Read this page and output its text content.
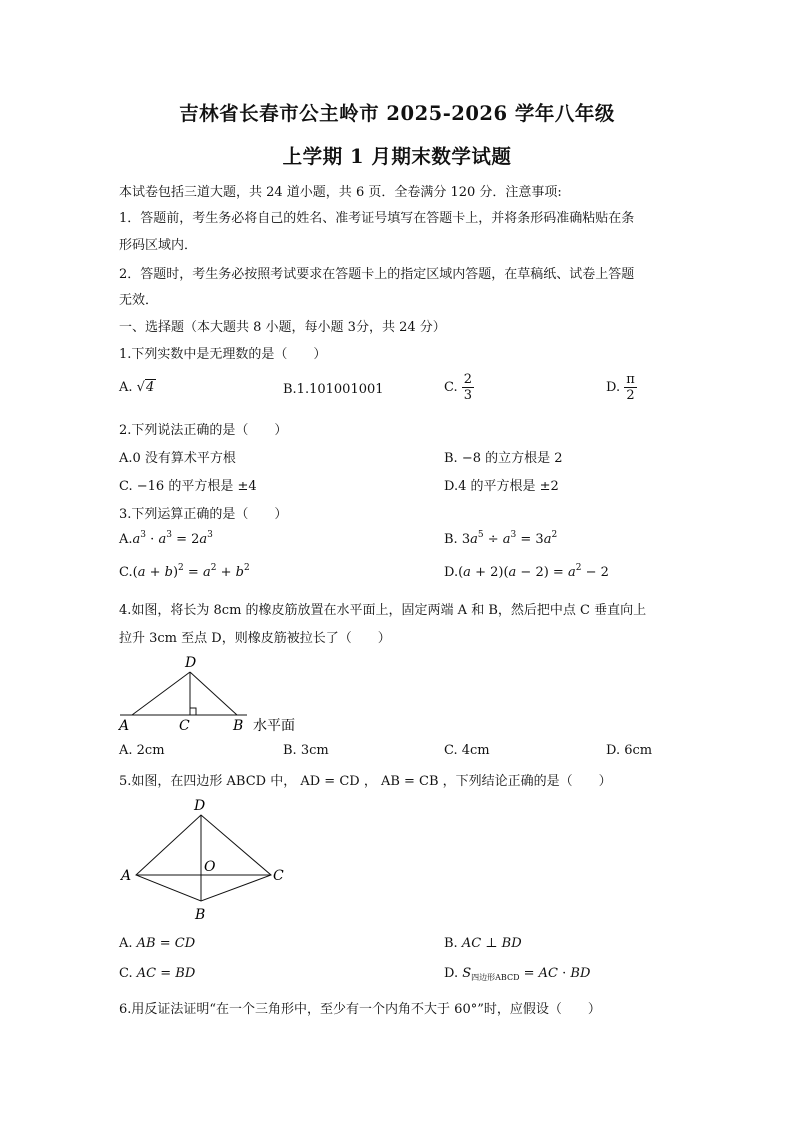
吉林省长春市公主岭市 2025-2026 学年八年级
上学期 1 月期末数学试题
本试卷包括三道大题，共 24 道小题，共 6 页．全卷满分 120 分．注意事项:
1．答题前，考生务必将自己的姓名、准考证号填写在答题卡上，并将条形码准确粘贴在条
形码区域内．
2．答题时，考生务必按照考试要求在答题卡上的指定区域内答题，在草稿纸、试卷上答题
无效．
一、选择题（本大题共 8 小题，每小题 3分，共 24 分）
1.下列实数中是无理数的是（　　）
A. √4	B.1.101001001	C. $\frac{2}{3}$	D. $\frac{\pi}{2}$
2.下列说法正确的是（　　）
A.0 没有算术平方根	B. −8 的立方根是 2
C. −16 的平方根是 ±4	D.4 的平方根是 ±2
3.下列运算正确的是（　　）
$A.a^3 \cdot a^3 = 2a^3$	B. $3a^5 \div a^3 = 3a^2$
$C.(a + b)^2 = a^2 + b^2$	$D.(a + 2)(a - 2) = a^2 - 2$
4.如图，将长为 8cm 的橡皮筋放置在水平面上，固定两端 A 和 B，然后把中点 C 垂直向上
拉升 3cm 至点 D，则橡皮筋被拉长了（　　）
D
A	C	B 水平面
A. 2cm	B. 3cm	C. 4cm	D. 6cm
5.如图，在四边形 ABCD 中， AD = CD ， AB = CB ，下列结论正确的是（　　）
D
A	C
O
B
A. AB = CD	B. AC ⊥ BD
C. AC = BD	D. $S_{四边形ABCD}$ = AC · BD
6.用反证法证明“在一个三角形中，至少有一个内角不大于 60°”时，应假设（　　）
